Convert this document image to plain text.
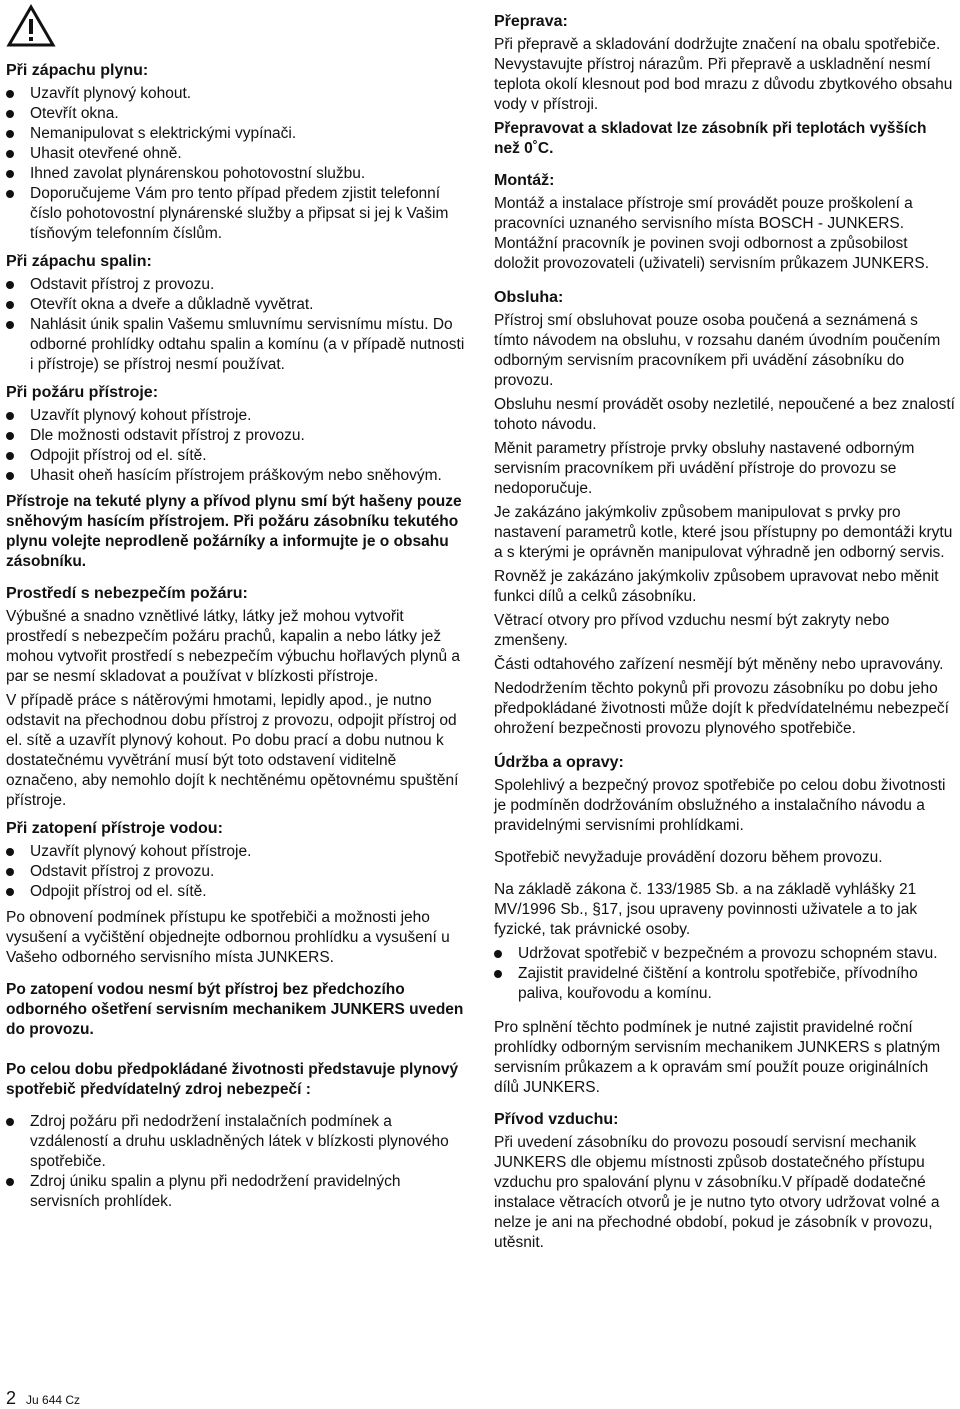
Při zápachu plynu:
Uzavřít plynový kohout.
Otevřít okna.
Nemanipulovat s elektrickými vypínači.
Uhasit otevřené ohně.
Ihned zavolat plynárenskou pohotovostní službu.
Doporučujeme Vám pro tento případ předem zjistit telefonní číslo pohotovostní plynárenské služby a připsat si jej k Vašim tísňovým telefonním číslům.
Při zápachu spalin:
Odstavit přístroj z provozu.
Otevřít okna a dveře a důkladně vyvětrat.
Nahlásit únik spalin Vašemu smluvnímu servisnímu místu. Do odborné prohlídky odtahu spalin a komínu (a v případě nutnosti i přístroje) se přístroj nesmí používat.
Při požáru přístroje:
Uzavřít plynový kohout přístroje.
Dle možnosti odstavit přístroj z provozu.
Odpojit přístroj od el. sítě.
Uhasit oheň hasícím přístrojem práškovým nebo sněhovým.
Přístroje na tekuté plyny a přívod plynu smí být hašeny pouze sněhovým hasícím přístrojem. Při požáru zásobníku tekutého plynu volejte neprodleně požárníky a informujte je o obsahu zásobníku.
Prostředí s nebezpečím požáru:
Výbušné a snadno vznětlivé látky, látky jež mohou vytvořit prostředí s nebezpečím požáru prachů, kapalin a nebo látky jež mohou vytvořit prostředí s nebezpečím výbuchu hořlavých plynů a par se nesmí skladovat a používat v blízkosti přístroje.
V případě práce s nátěrovými hmotami, lepidly apod., je nutno odstavit na přechodnou dobu přístroj z provozu, odpojit přístroj od el. sítě a uzavřít plynový kohout. Po dobu prací a dobu nutnou k dostatečnému vyvětrání musí být toto odstavení viditelně označeno, aby nemohlo dojít k nechtěnému opětovnému spuštění přístroje.
Při zatopení přístroje vodou:
Uzavřít plynový kohout přístroje.
Odstavit přístroj z provozu.
Odpojit přístroj od el. sítě.
Po obnovení podmínek přístupu ke spotřebiči a možnosti jeho vysušení a vyčištění objednejte odbornou prohlídku a vysušení u Vašeho odborného servisního místa JUNKERS.
Po zatopení vodou nesmí být přístroj bez předchozího odborného ošetření servisním mechanikem JUNKERS uveden do provozu.
Po celou dobu předpokládané životnosti představuje plynový spotřebič předvídatelný zdroj nebezpečí :
Zdroj požáru při nedodržení instalačních podmínek a vzdáleností a druhu uskladněných látek v blízkosti plynového spotřebiče.
Zdroj úniku spalin a plynu při nedodržení pravidelných servisních prohlídek.
Přeprava:
Při přepravě a skladování dodržujte značení na obalu spotřebiče. Nevystavujte přístroj nárazům. Při přepravě a uskladnění nesmí teplota okolí klesnout pod bod mrazu z důvodu zbytkového obsahu vody v přístroji.
Přepravovat a skladovat lze zásobník při teplotách vyšších než 0˚C.
Montáž:
Montáž a instalace přístroje smí provádět pouze proškolení a pracovníci uznaného servisního místa BOSCH - JUNKERS. Montážní pracovník je povinen svoji odbornost a způsobilost doložit provozovateli (uživateli) servisním průkazem JUNKERS.
Obsluha:
Přístroj smí obsluhovat pouze osoba poučená a seznámená s tímto návodem na obsluhu, v rozsahu daném úvodním poučením odborným servisním pracovníkem při uvádění zásobníku do provozu.
Obsluhu nesmí provádět osoby nezletilé, nepoučené a bez znalostí tohoto návodu.
Měnit parametry přístroje prvky obsluhy nastavené odborným servisním pracovníkem při uvádění přístroje do provozu se nedoporučuje.
Je zakázáno jakýmkoliv způsobem manipulovat s prvky pro nastavení parametrů kotle, které jsou přístupny po demontáži krytu a s kterými je oprávněn manipulovat výhradně jen odborný servis.
Rovněž je zakázáno jakýmkoliv způsobem upravovat nebo měnit funkci dílů a celků zásobníku.
Větrací otvory pro přívod vzduchu nesmí být zakryty nebo zmenšeny.
Části odtahového zařízení nesmějí být měněny nebo upravovány.
Nedodržením těchto pokynů při provozu zásobníku po dobu jeho předpokládané životnosti může dojít k předvídatelnému nebezpečí ohrožení bezpečnosti provozu plynového spotřebiče.
Údržba a opravy:
Spolehlivý a bezpečný provoz spotřebiče po celou dobu životnosti je podmíněn dodržováním obslužného a instalačního návodu a pravidelnými servisními prohlídkami.
Spotřebič nevyžaduje provádění dozoru během provozu.
Na základě zákona č. 133/1985 Sb. a na základě vyhlášky 21 MV/1996 Sb., §17, jsou upraveny povinnosti uživatele a to jak fyzické, tak právnické osoby.
Udržovat spotřebič v bezpečném a provozu schopném stavu.
Zajistit pravidelné čištění a kontrolu spotřebiče, přívodního paliva, kouřovodu a komínu.
Pro splnění těchto podmínek je nutné zajistit pravidelné roční prohlídky odborným servisním mechanikem JUNKERS s platným servisním průkazem a k opravám smí použít pouze originálních dílů JUNKERS.
Přívod vzduchu:
Při uvedení zásobníku do provozu posoudí servisní mechanik JUNKERS dle objemu místnosti způsob dostatečného přístupu vzduchu pro spalování plynu v zásobníku.V případě dodatečné instalace větracích otvorů je je nutno tyto otvory udržovat volné a nelze je ani na přechodné období, pokud je zásobník v provozu, utěsnit.
2 Ju 644 Cz
